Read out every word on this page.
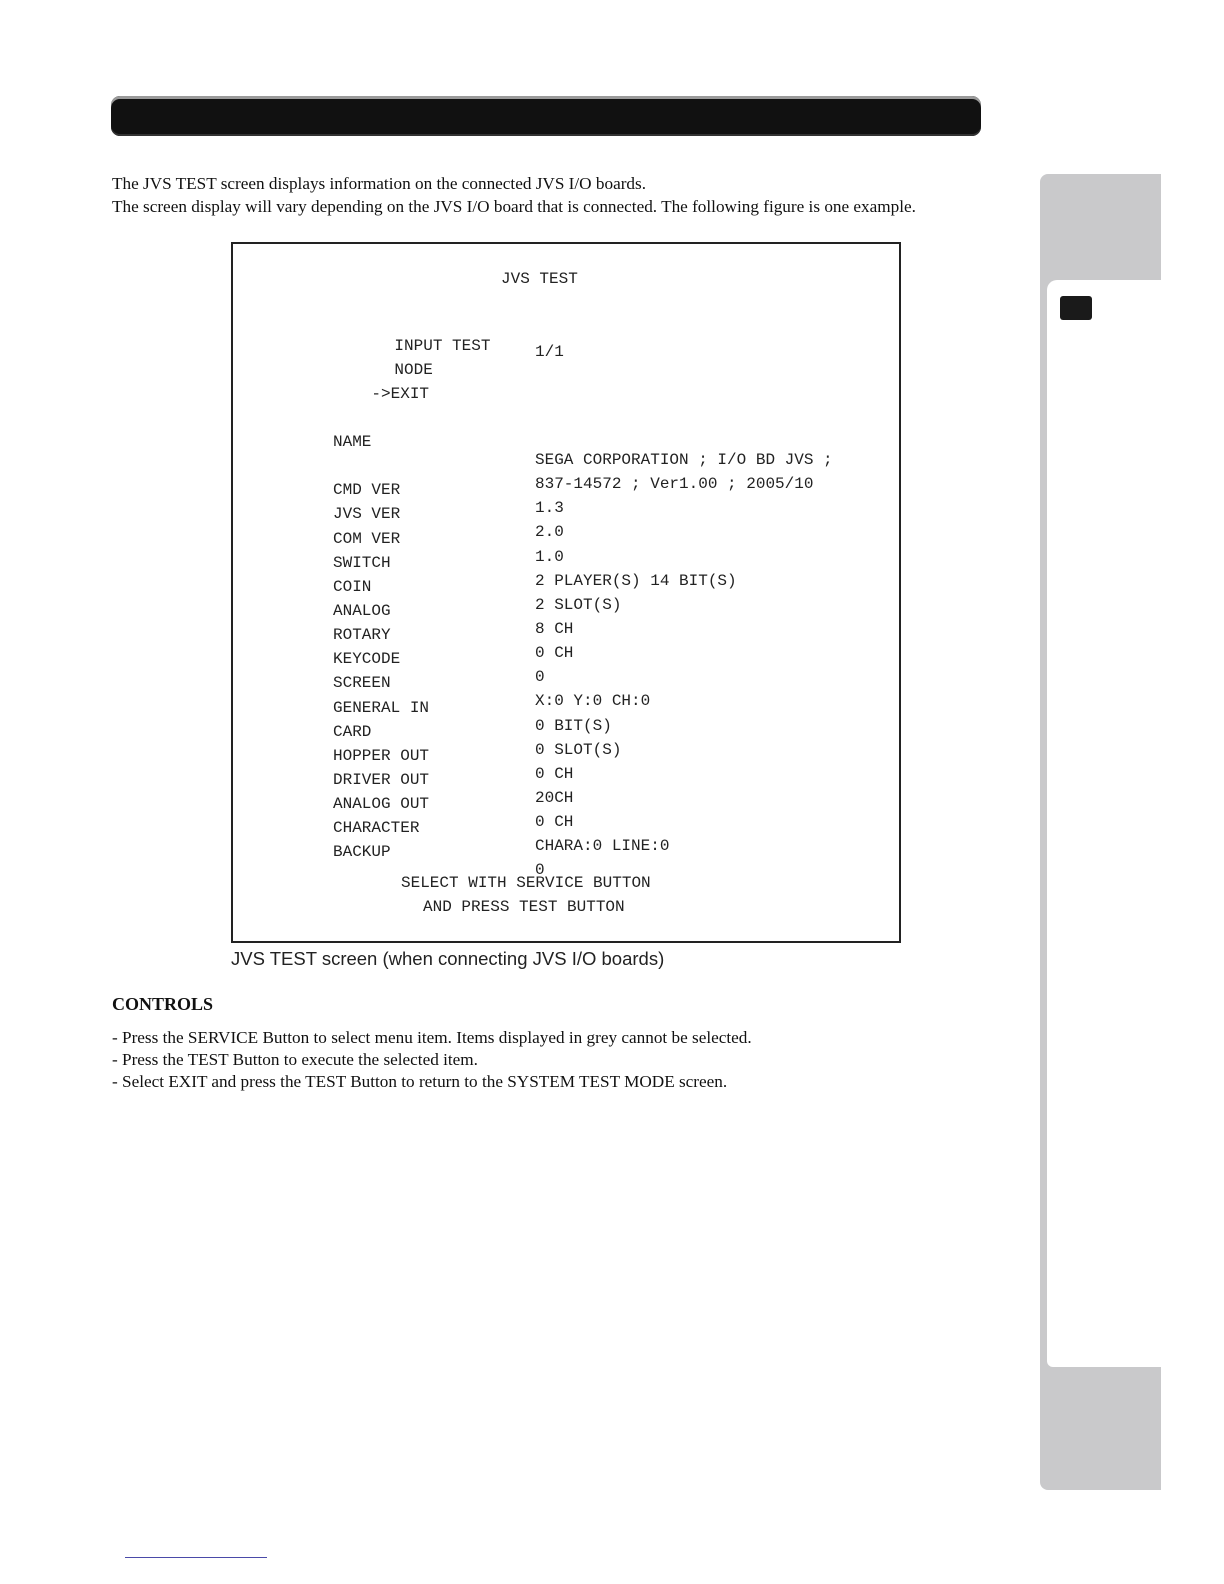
The JVS TEST screen displays information on the connected JVS I/O boards.

The screen display will vary depending on the JVS I/O board that is connected. The following figure is one example.

JVS TEST

INPUT TEST

NODE

1/1

->EXIT

NAME

SEGA CORPORATION ; I/O BD JVS ;

837-14572 ; Ver1.00 ; 2005/10

CMD VER

1.3

JVS VER

2.0

COM VER

1.0

SWITCH

2 PLAYER(S) 14 BIT(S)

COIN

2 SLOT(S)

ANALOG

8 CH

ROTARY

0 CH

KEYCODE

0

SCREEN

X:0 Y:0 CH:0

GENERAL IN

0 BIT(S)

CARD

0 SLOT(S)

HOPPER OUT

0 CH

DRIVER OUT

20CH

ANALOG OUT

0 CH

CHARACTER

CHARA:0 LINE:0

BACKUP

0

SELECT WITH SERVICE BUTTON
AND PRESS TEST BUTTON
JVS TEST screen (when connecting JVS I/O boards)
CONTROLS
- Press the SERVICE Button to select menu item. Items displayed in grey cannot be selected.
- Press the TEST Button to execute the selected item.
- Select EXIT and press the TEST Button to return to the SYSTEM TEST MODE screen.
